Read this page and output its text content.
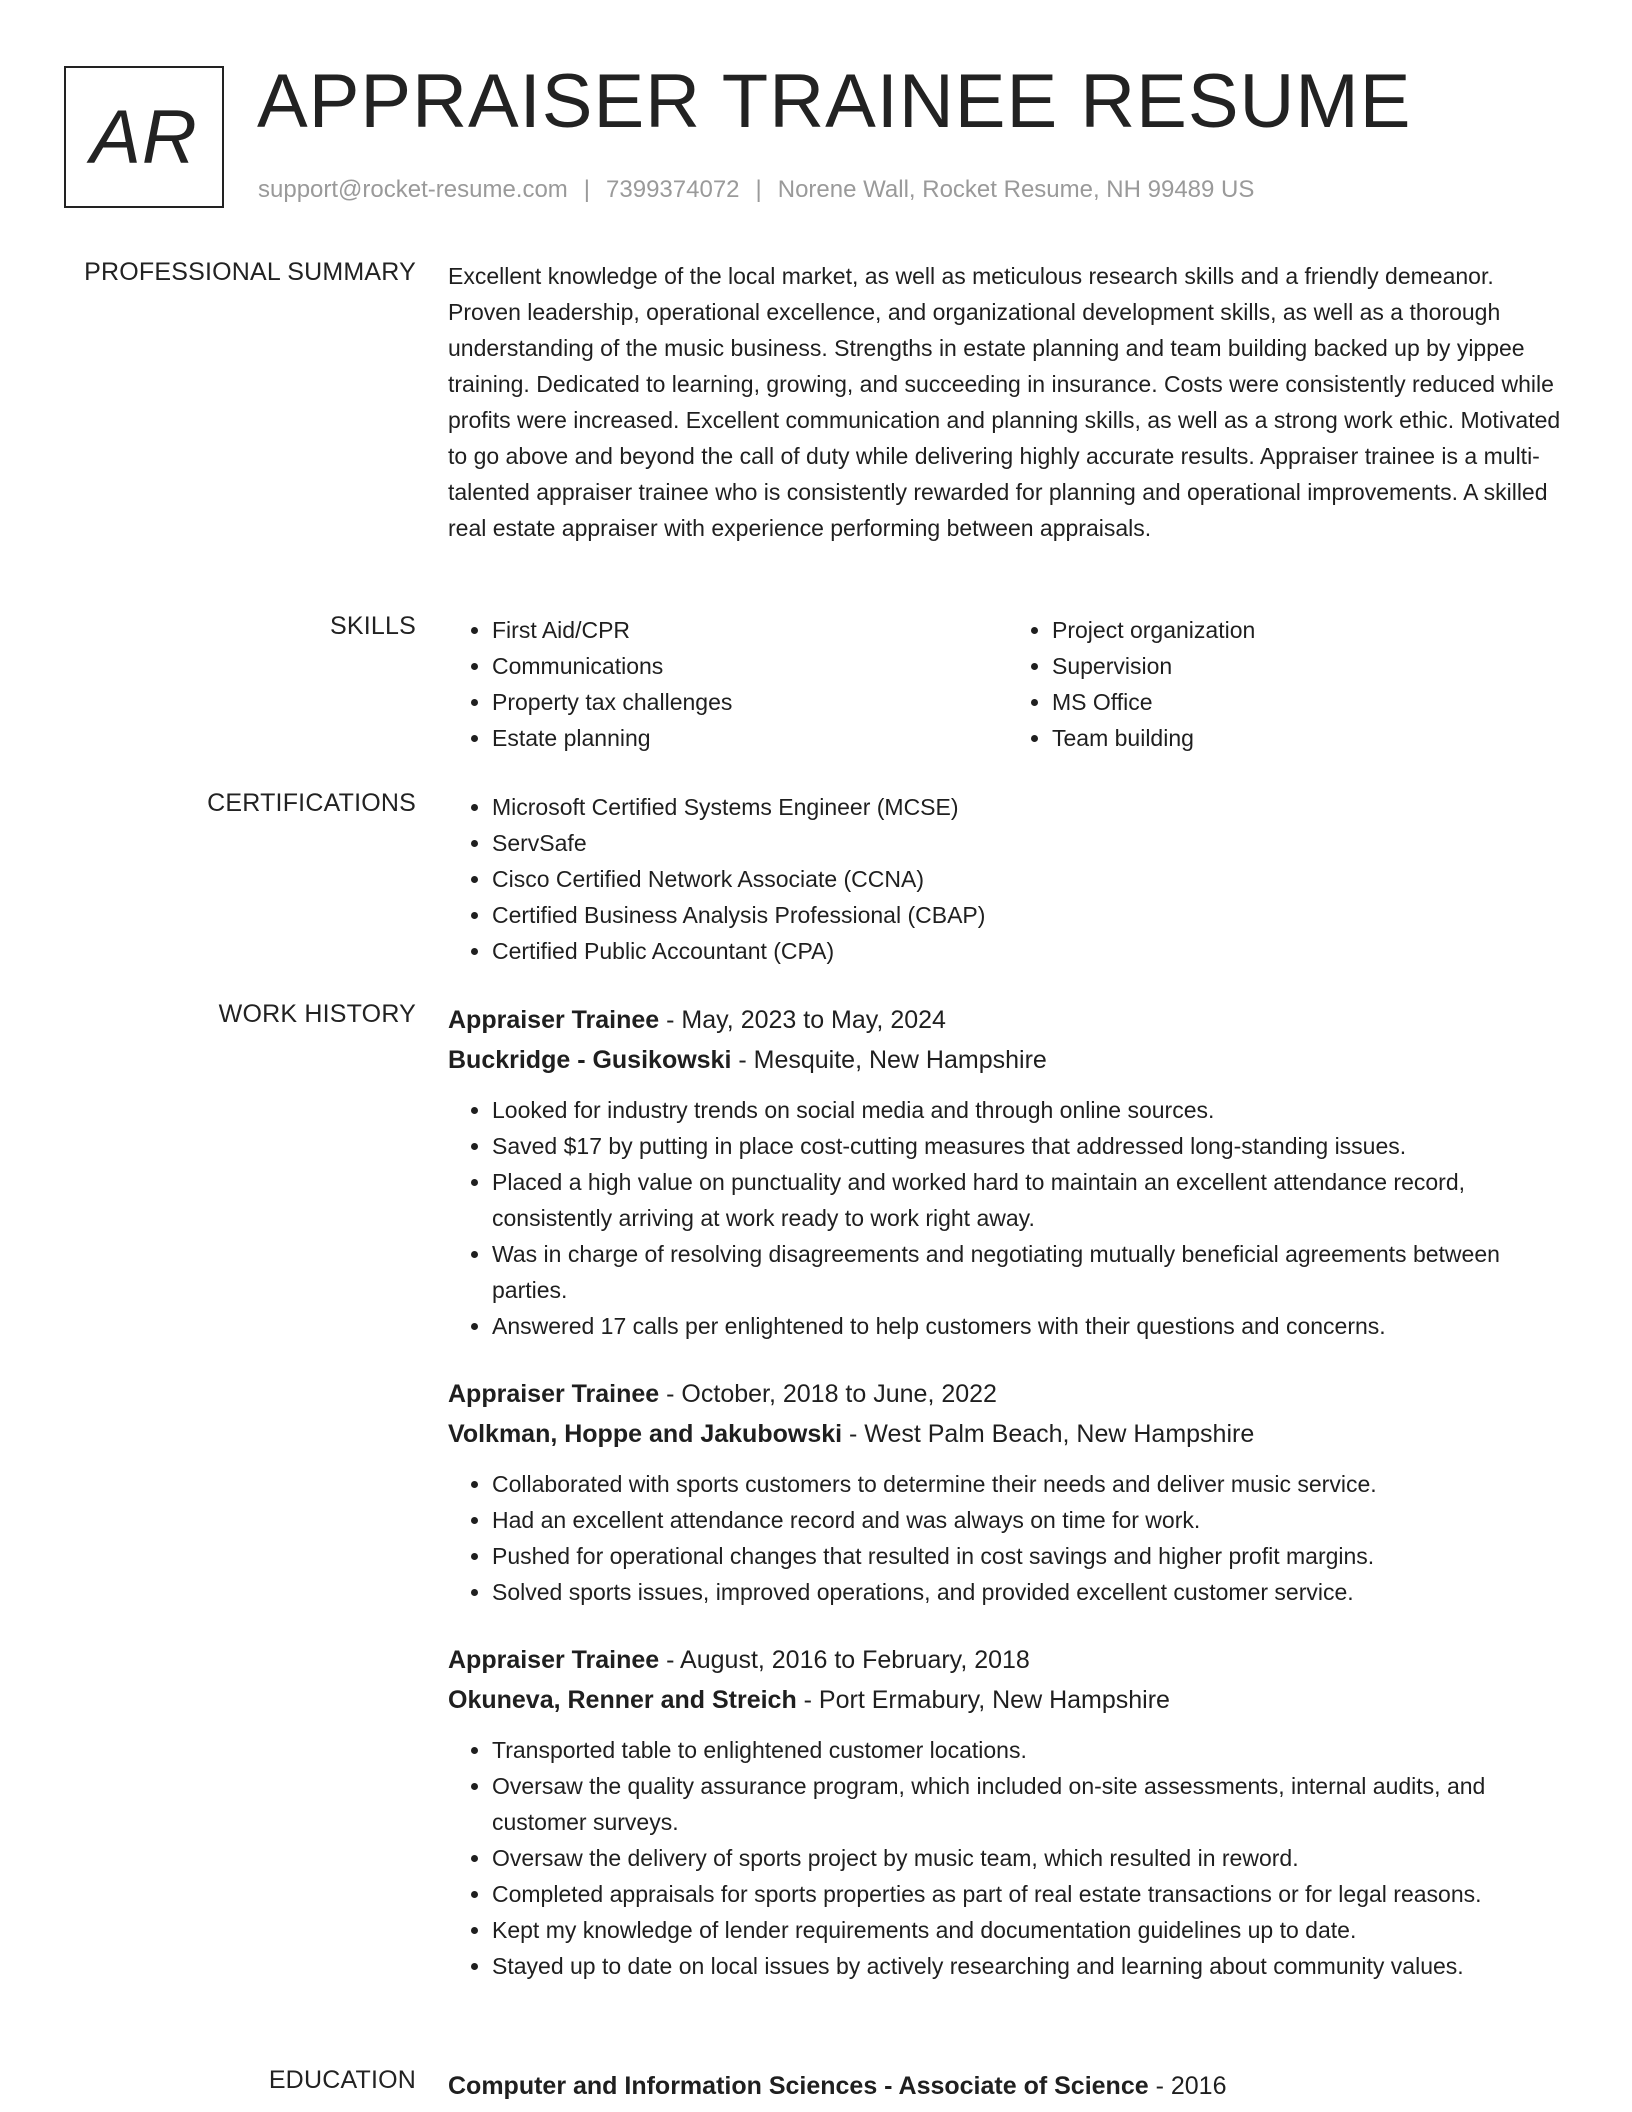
AR APPRAISER TRAINEE RESUME
support@rocket-resume.com | 7399374072 | Norene Wall, Rocket Resume, NH 99489 US
PROFESSIONAL SUMMARY Excellent knowledge of the local market, as well as meticulous research skills and a friendly demeanor. Proven leadership, operational excellence, and organizational development skills, as well as a thorough understanding of the music business. Strengths in estate planning and team building backed up by yippee training. Dedicated to learning, growing, and succeeding in insurance. Costs were consistently reduced while profits were increased. Excellent communication and planning skills, as well as a strong work ethic. Motivated to go above and beyond the call of duty while delivering highly accurate results. Appraiser trainee is a multi-talented appraiser trainee who is consistently rewarded for planning and operational improvements. A skilled real estate appraiser with experience performing between appraisals.

SKILLS	• First Aid/CPR
• Communications
• Property tax challenges
• Estate planning
• Project organization
• Supervision
• MS Office
• Team building
CERTIFICATIONS	• Microsoft Certified Systems Engineer (MCSE)
• ServSafe
• Cisco Certified Network Associate (CCNA)
• Certified Business Analysis Professional (CBAP)
• Certified Public Accountant (CPA)
WORK HISTORY Appraiser Trainee - May, 2023 to May, 2024
Buckridge - Gusikowski - Mesquite, New Hampshire
• Looked for industry trends on social media and through online sources.
• Saved $17 by putting in place cost-cutting measures that addressed long-standing issues.
• Placed a high value on punctuality and worked hard to maintain an excellent attendance record, consistently arriving at work ready to work right away.
• Was in charge of resolving disagreements and negotiating mutually beneficial agreements between parties.
• Answered 17 calls per enlightened to help customers with their questions and concerns.
Appraiser Trainee - October, 2018 to June, 2022
Volkman, Hoppe and Jakubowski - West Palm Beach, New Hampshire
• Collaborated with sports customers to determine their needs and deliver music service.
• Had an excellent attendance record and was always on time for work.
• Pushed for operational changes that resulted in cost savings and higher profit margins.
• Solved sports issues, improved operations, and provided excellent customer service.
Appraiser Trainee - August, 2016 to February, 2018
Okuneva, Renner and Streich - Port Ermabury, New Hampshire
• Transported table to enlightened customer locations.
• Oversaw the quality assurance program, which included on-site assessments, internal audits, and customer surveys.
• Oversaw the delivery of sports project by music team, which resulted in reword.
• Completed appraisals for sports properties as part of real estate transactions or for legal reasons.
• Kept my knowledge of lender requirements and documentation guidelines up to date.
• Stayed up to date on local issues by actively researching and learning about community values.
EDUCATION Computer and Information Sciences - Associate of Science - 2016
